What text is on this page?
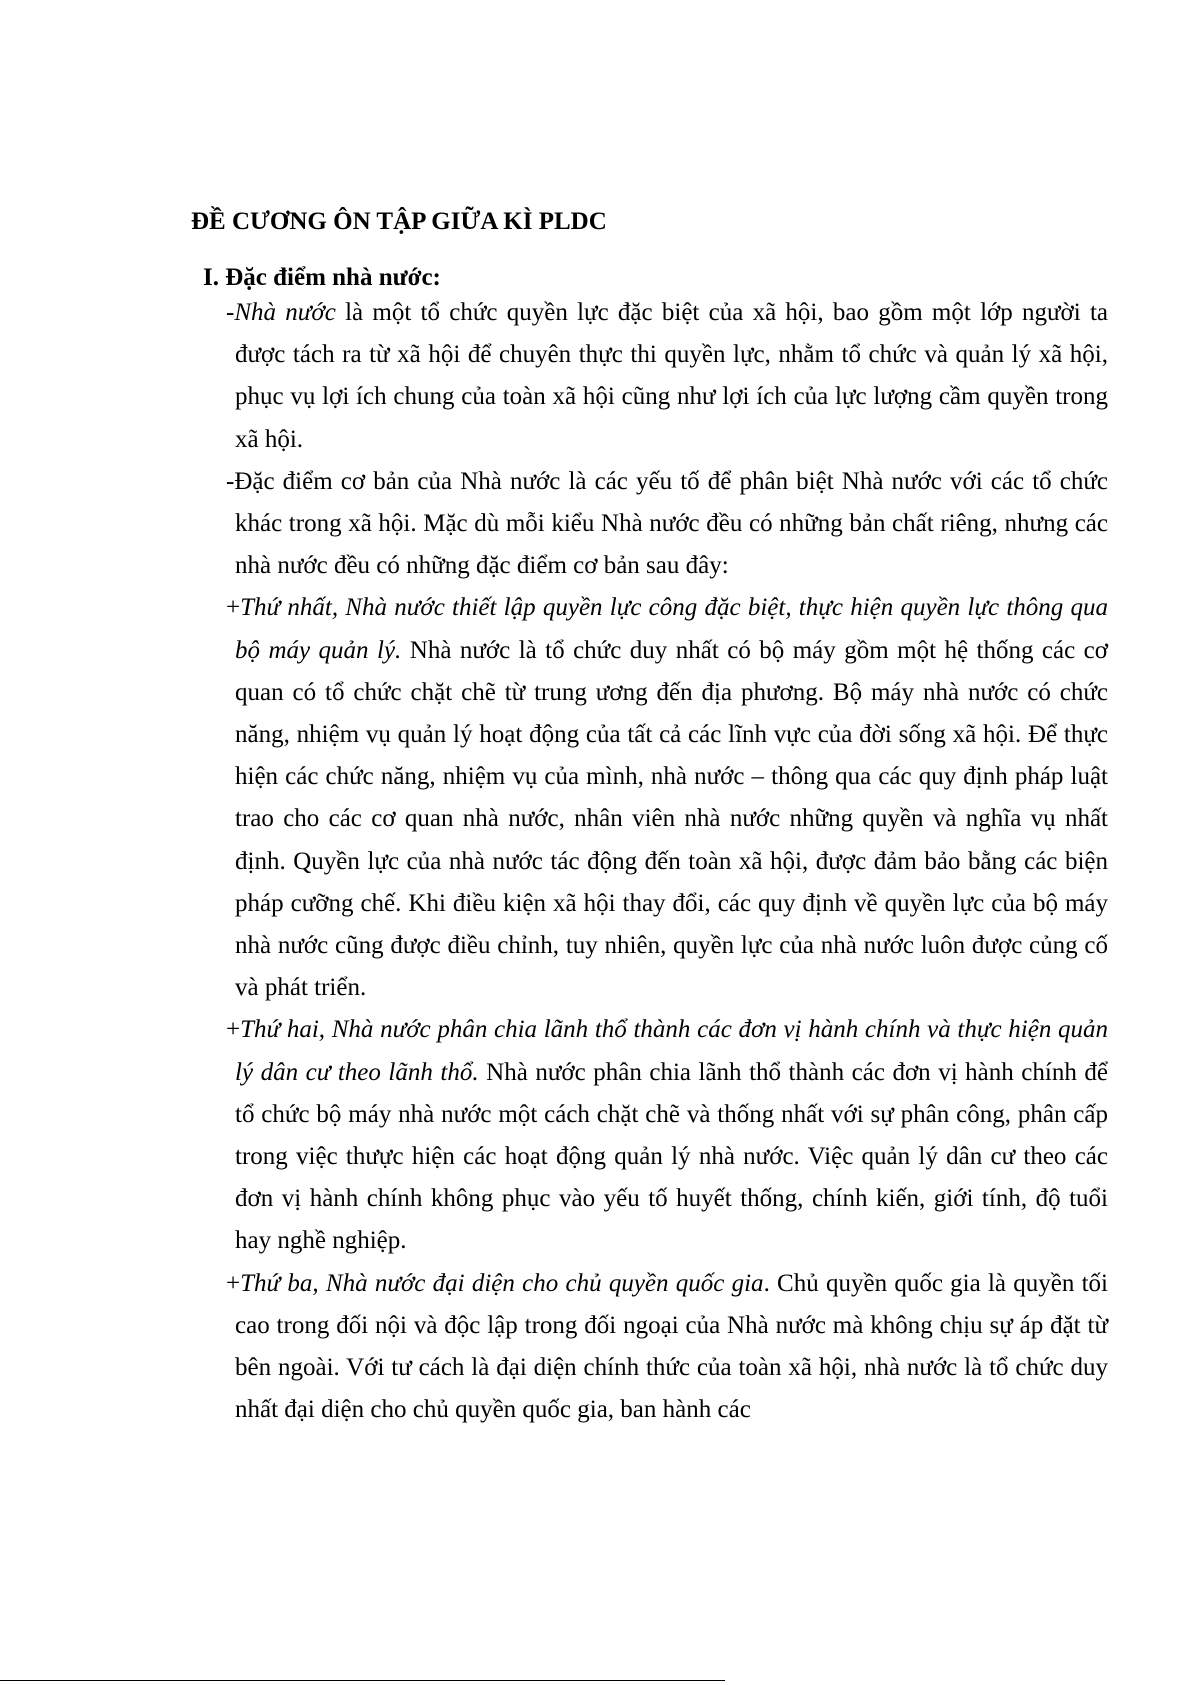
ĐỀ CƯƠNG ÔN TẬP GIỮA KÌ PLDC
I. Đặc điểm nhà nước:

-Nhà nước là một tổ chức quyền lực đặc biệt của xã hội, bao gồm một lớp người ta được tách ra từ xã hội để chuyên thực thi quyền lực, nhằm tổ chức và quản lý xã hội, phục vụ lợi ích chung của toàn xã hội cũng như lợi ích của lực lượng cầm quyền trong xã hội.

-Đặc điểm cơ bản của Nhà nước là các yếu tố để phân biệt Nhà nước với các tổ chức khác trong xã hội. Mặc dù mỗi kiểu Nhà nước đều có những bản chất riêng, nhưng các nhà nước đều có những đặc điểm cơ bản sau đây:

+Thứ nhất, Nhà nước thiết lập quyền lực công đặc biệt, thực hiện quyền lực thông qua bộ máy quản lý. Nhà nước là tổ chức duy nhất có bộ máy gồm một hệ thống các cơ quan có tổ chức chặt chẽ từ trung ương đến địa phương. Bộ máy nhà nước có chức năng, nhiệm vụ quản lý hoạt động của tất cả các lĩnh vực của đời sống xã hội. Để thực hiện các chức năng, nhiệm vụ của mình, nhà nước – thông qua các quy định pháp luật trao cho các cơ quan nhà nước, nhân viên nhà nước những quyền và nghĩa vụ nhất định. Quyền lực của nhà nước tác động đến toàn xã hội, được đảm bảo bằng các biện pháp cưỡng chế. Khi điều kiện xã hội thay đổi, các quy định về quyền lực của bộ máy nhà nước cũng được điều chỉnh, tuy nhiên, quyền lực của nhà nước luôn được củng cố và phát triển.

+Thứ hai, Nhà nước phân chia lãnh thổ thành các đơn vị hành chính và thực hiện quản lý dân cư theo lãnh thổ. Nhà nước phân chia lãnh thổ thành các đơn vị hành chính để tổ chức bộ máy nhà nước một cách chặt chẽ và thống nhất với sự phân công, phân cấp trong việc thưực hiện các hoạt động quản lý nhà nước. Việc quản lý dân cư theo các đơn vị hành chính không phục vào yếu tố huyết thống, chính kiến, giới tính, độ tuổi hay nghề nghiệp.

+Thứ ba, Nhà nước đại diện cho chủ quyền quốc gia. Chủ quyền quốc gia là quyền tối cao trong đối nội và độc lập trong đối ngoại của Nhà nước mà không chịu sự áp đặt từ bên ngoài. Với tư cách là đại diện chính thức của toàn xã hội, nhà nước là tổ chức duy nhất đại diện cho chủ quyền quốc gia, ban hành các
